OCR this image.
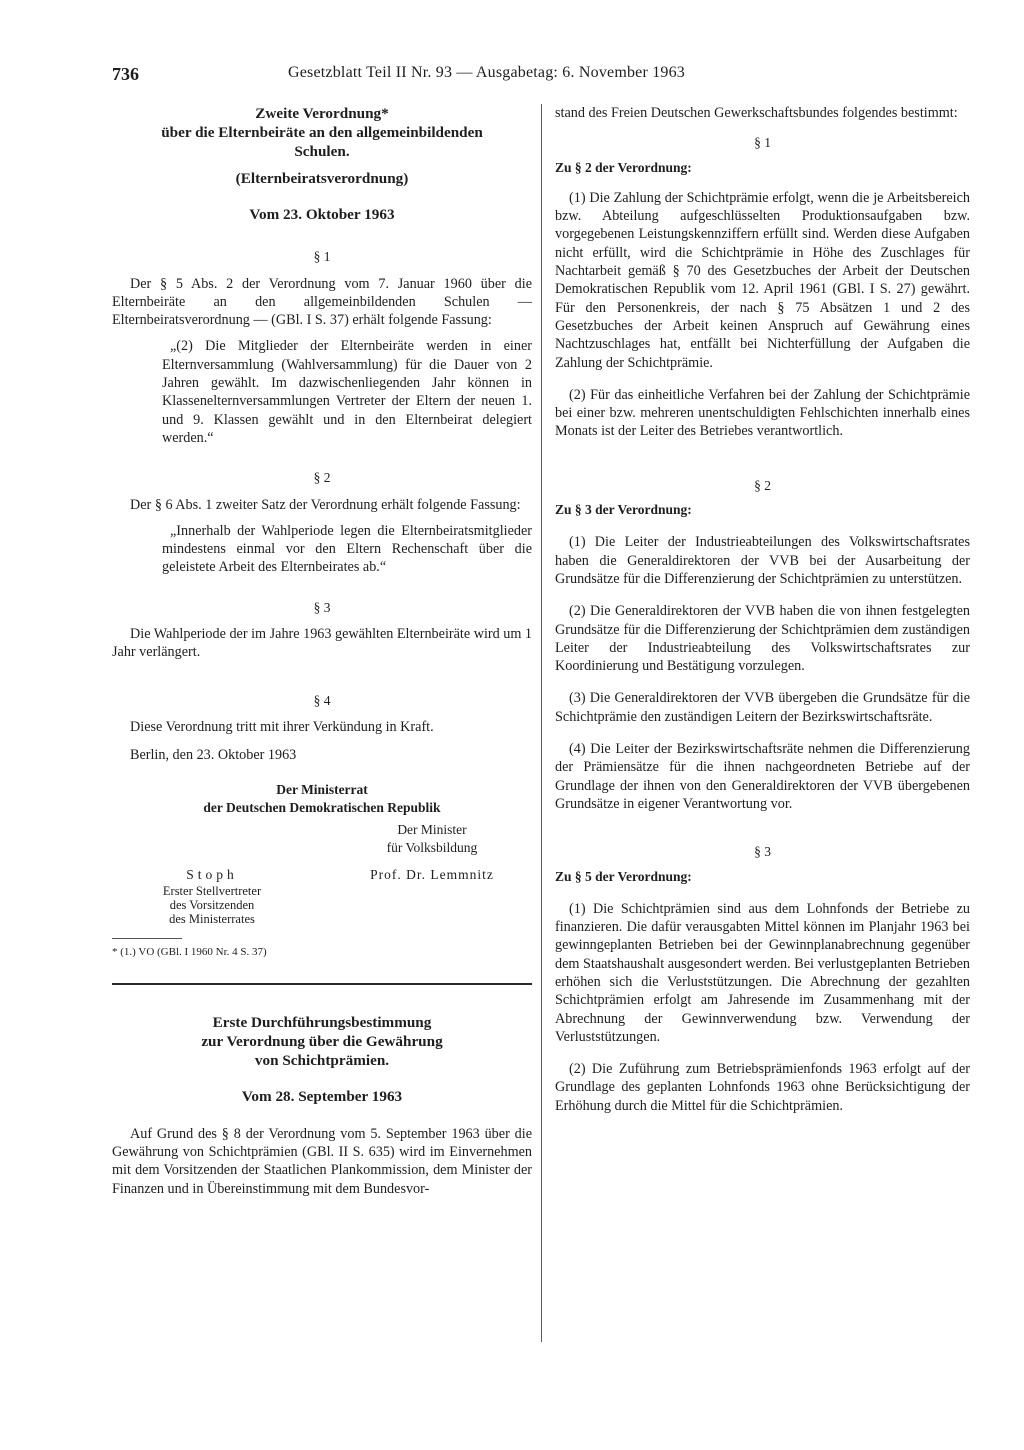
736	Gesetzblatt Teil II Nr. 93 — Ausgabetag: 6. November 1963
Zweite Verordnung*
über die Elternbeiräte an den allgemeinbildenden
Schulen.
(Elternbeiratsverordnung)
Vom 23. Oktober 1963
§ 1

Der § 5 Abs. 2 der Verordnung vom 7. Januar 1960 über die Elternbeiräte an den allgemeinbildenden Schulen — Elternbeiratsverordnung — (GBl. I S. 37) erhält folgende Fassung:

„(2) Die Mitglieder der Elternbeiräte werden in einer Elternversammlung (Wahlversammlung) für die Dauer von 2 Jahren gewählt. Im dazwischenliegenden Jahr können in Klassenelternversammlungen Vertreter der Eltern der neuen 1. und 9. Klassen gewählt und in den Elternbeirat delegiert werden.“

§ 2

Der § 6 Abs. 1 zweiter Satz der Verordnung erhält folgende Fassung:

„Innerhalb der Wahlperiode legen die Elternbeiratsmitglieder mindestens einmal vor den Eltern Rechenschaft über die geleistete Arbeit des Elternbeirates ab.“

§ 3

Die Wahlperiode der im Jahre 1963 gewählten Elternbeiräte wird um 1 Jahr verlängert.

§ 4

Diese Verordnung tritt mit ihrer Verkündung in Kraft.

Berlin, den 23. Oktober 1963

Der Ministerrat
der Deutschen Demokratischen Republik
Der Minister
für Volksbildung
Stoph
Erster Stellvertreter
des Vorsitzenden
des Ministerrates
Prof. Dr. Lemmnitz
* (1.) VO (GBl. I 1960 Nr. 4 S. 37)
Erste Durchführungsbestimmung
zur Verordnung über die Gewährung
von Schichtprämien.
Vom 28. September 1963

Auf Grund des § 8 der Verordnung vom 5. September 1963 über die Gewährung von Schichtprämien (GBl. II S. 635) wird im Einvernehmen mit dem Vorsitzenden der Staatlichen Plankommission, dem Minister der Finanzen und in Übereinstimmung mit dem Bundesvor-

stand des Freien Deutschen Gewerkschaftsbundes folgendes bestimmt:

§ 1
Zu § 2 der Verordnung:

(1) Die Zahlung der Schichtprämie erfolgt, wenn die je Arbeitsbereich bzw. Abteilung aufgeschlüsselten Produktionsaufgaben bzw. vorgegebenen Leistungskennziffern erfüllt sind. Werden diese Aufgaben nicht erfüllt, wird die Schichtprämie in Höhe des Zuschlages für Nachtarbeit gemäß § 70 des Gesetzbuches der Arbeit der Deutschen Demokratischen Republik vom 12. April 1961 (GBl. I S. 27) gewährt. Für den Personenkreis, der nach § 75 Absätzen 1 und 2 des Gesetzbuches der Arbeit keinen Anspruch auf Gewährung eines Nachtzuschlages hat, entfällt bei Nichterfüllung der Aufgaben die Zahlung der Schichtprämie.

(2) Für das einheitliche Verfahren bei der Zahlung der Schichtprämie bei einer bzw. mehreren unentschuldigten Fehlschichten innerhalb eines Monats ist der Leiter des Betriebes verantwortlich.

§ 2
Zu § 3 der Verordnung:

(1) Die Leiter der Industrieabteilungen des Volkswirtschaftsrates haben die Generaldirektoren der VVB bei der Ausarbeitung der Grundsätze für die Differenzierung der Schichtprämien zu unterstützen.

(2) Die Generaldirektoren der VVB haben die von ihnen festgelegten Grundsätze für die Differenzierung der Schichtprämien dem zuständigen Leiter der Industrieabteilung des Volkswirtschaftsrates zur Koordinierung und Bestätigung vorzulegen.

(3) Die Generaldirektoren der VVB übergeben die Grundsätze für die Schichtprämie den zuständigen Leitern der Bezirkswirtschaftsräte.

(4) Die Leiter der Bezirkswirtschaftsräte nehmen die Differenzierung der Prämiensätze für die ihnen nachgeordneten Betriebe auf der Grundlage der ihnen von den Generaldirektoren der VVB übergebenen Grundsätze in eigener Verantwortung vor.

§ 3
Zu § 5 der Verordnung:

(1) Die Schichtprämien sind aus dem Lohnfonds der Betriebe zu finanzieren. Die dafür verausgabten Mittel können im Planjahr 1963 bei gewinngeplanten Betrieben bei der Gewinnplanabrechnung gegenüber dem Staatshaushalt ausgesondert werden. Bei verlustgeplanten Betrieben erhöhen sich die Verluststützungen. Die Abrechnung der gezahlten Schichtprämien erfolgt am Jahresende im Zusammenhang mit der Abrechnung der Gewinnverwendung bzw. Verwendung der Verluststützungen.

(2) Die Zuführung zum Betriebsprämienfonds 1963 erfolgt auf der Grundlage des geplanten Lohnfonds 1963 ohne Berücksichtigung der Erhöhung durch die Mittel für die Schichtprämien.
